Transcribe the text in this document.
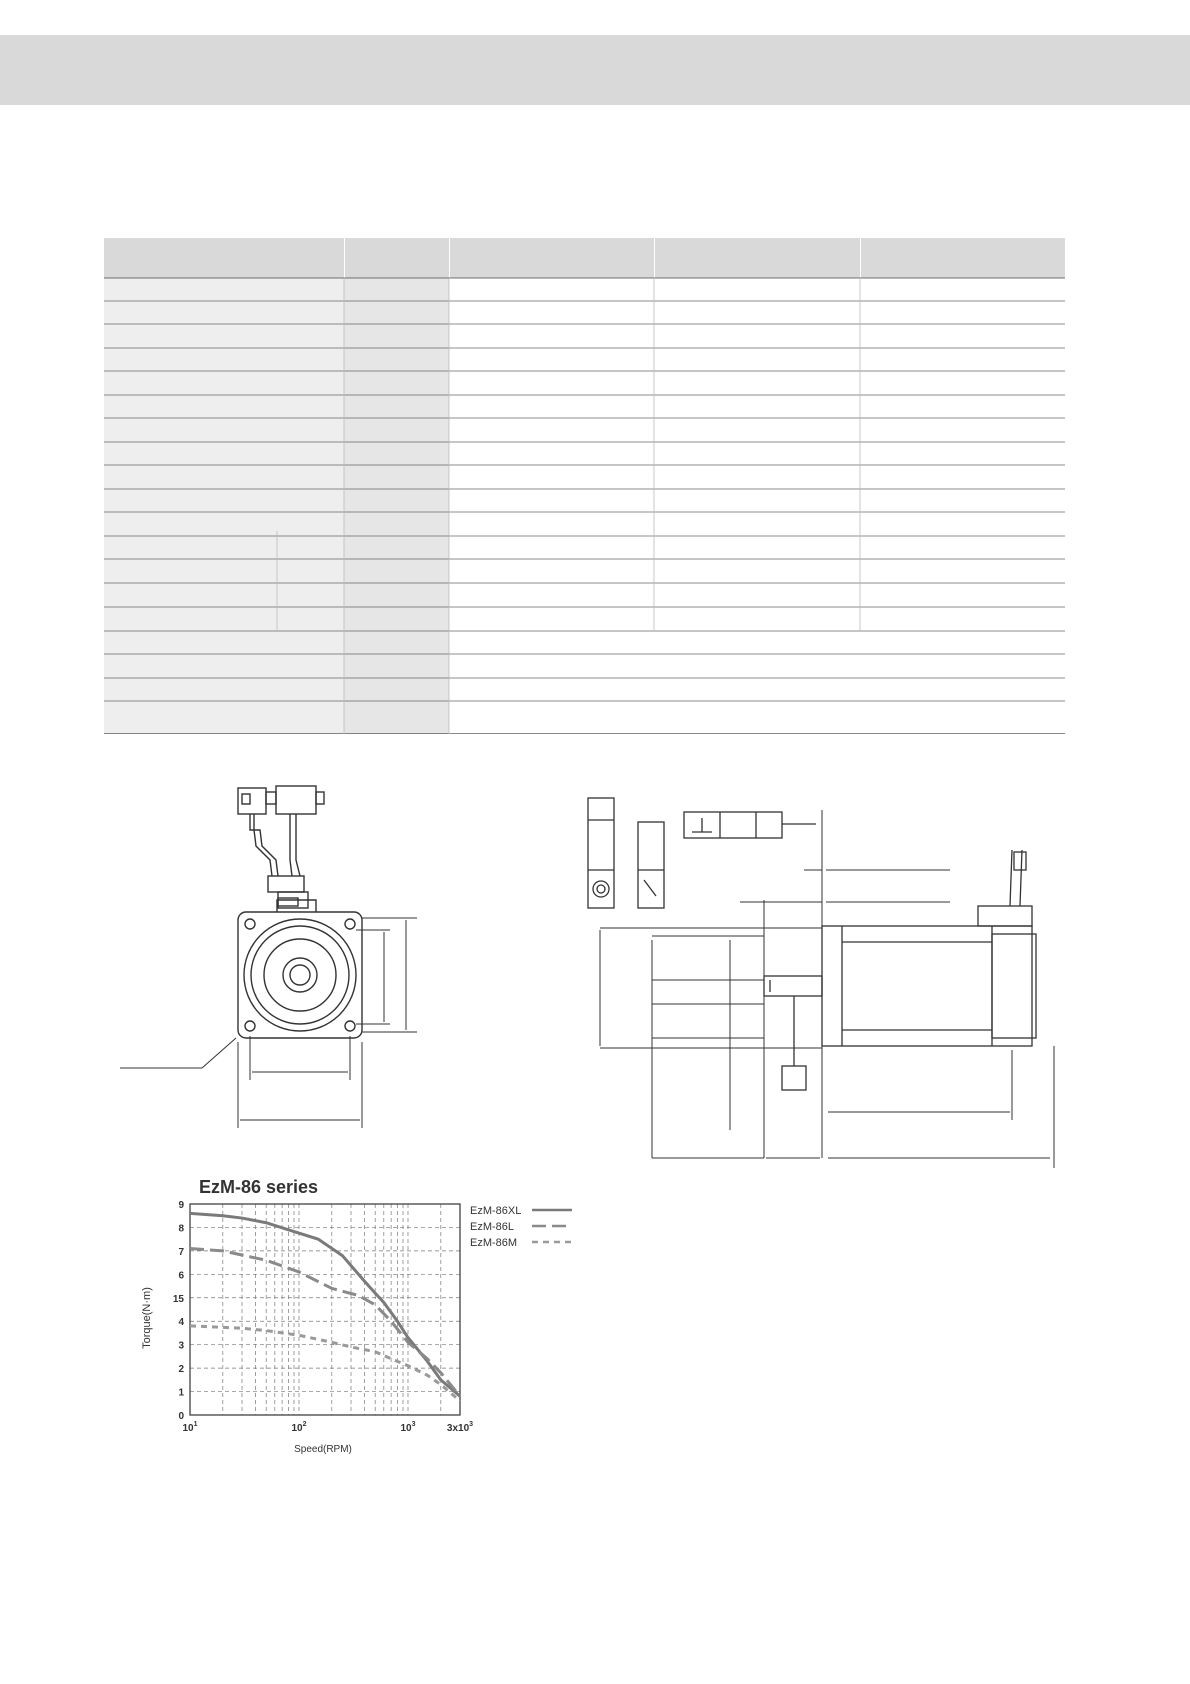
EzM-86 series
0
1
2
3
4
15
6
7
8
9
$10^1$	$10^2$	$10^3$	$3x10^3$
EzM-86XL
EzM-86L
EzM-86M
Speed(RPM)
Torque(N·m)
